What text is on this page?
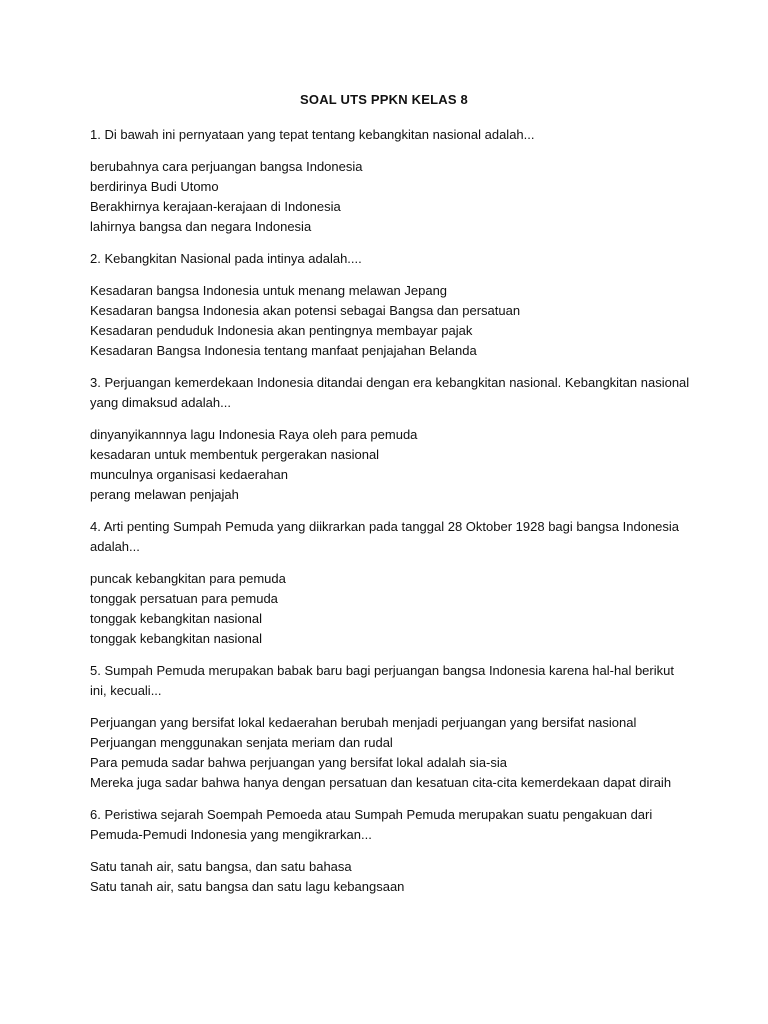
SOAL UTS PPKN KELAS 8
1. Di bawah ini pernyataan yang tepat tentang kebangkitan nasional adalah...
berubahnya cara perjuangan bangsa Indonesia
berdirinya Budi Utomo
Berakhirnya kerajaan-kerajaan di Indonesia
lahirnya bangsa dan negara Indonesia
2. Kebangkitan Nasional pada intinya adalah....
Kesadaran bangsa Indonesia untuk menang melawan Jepang
Kesadaran bangsa Indonesia akan potensi sebagai Bangsa dan persatuan
Kesadaran penduduk Indonesia akan pentingnya membayar pajak
Kesadaran Bangsa Indonesia tentang manfaat penjajahan Belanda
3. Perjuangan kemerdekaan Indonesia ditandai dengan era kebangkitan nasional. Kebangkitan nasional yang dimaksud adalah...
dinyanyikannnya lagu Indonesia Raya oleh para pemuda
kesadaran untuk membentuk pergerakan nasional
munculnya organisasi kedaerahan
perang melawan penjajah
4. Arti penting Sumpah Pemuda yang diikrarkan pada tanggal 28 Oktober 1928 bagi bangsa Indonesia adalah...
puncak kebangkitan para pemuda
tonggak persatuan para pemuda
tonggak kebangkitan nasional
tonggak kebangkitan nasional
5. Sumpah Pemuda merupakan babak baru bagi perjuangan bangsa Indonesia karena hal-hal berikut ini, kecuali...
Perjuangan yang bersifat lokal kedaerahan berubah menjadi perjuangan yang bersifat nasional
Perjuangan menggunakan senjata meriam dan rudal
Para pemuda sadar bahwa perjuangan yang bersifat lokal adalah sia-sia
Mereka juga sadar bahwa hanya dengan persatuan dan kesatuan cita-cita kemerdekaan dapat diraih
6. Peristiwa sejarah Soempah Pemoeda atau Sumpah Pemuda merupakan suatu pengakuan dari Pemuda-Pemudi Indonesia yang mengikrarkan...
Satu tanah air, satu bangsa, dan satu bahasa
Satu tanah air, satu bangsa dan satu lagu kebangsaan
